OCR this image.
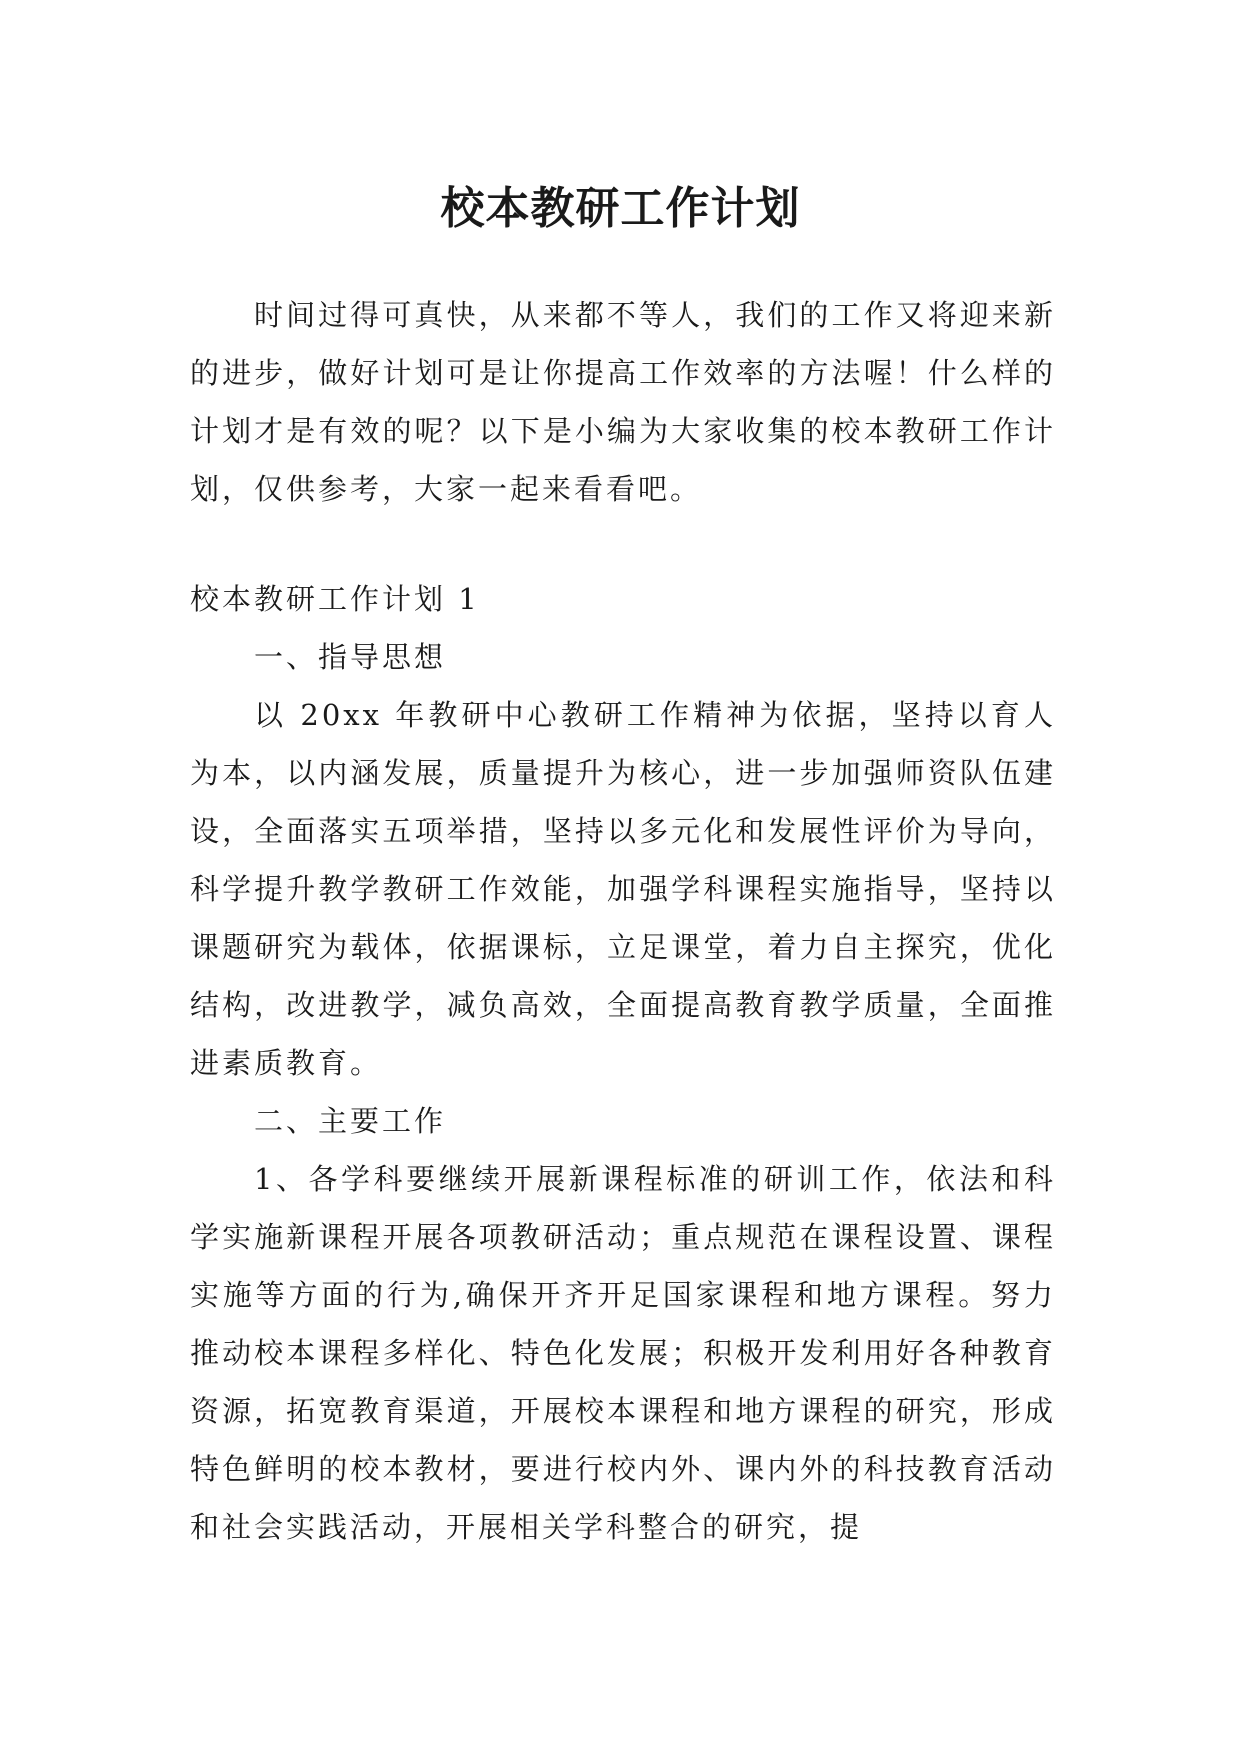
校本教研工作计划

时间过得可真快，从来都不等人，我们的工作又将迎来新的进步，做好计划可是让你提高工作效率的方法喔！什么样的计划才是有效的呢？以下是小编为大家收集的校本教研工作计划，仅供参考，大家一起来看看吧。

校本教研工作计划 1

一、指导思想

以 20xx 年教研中心教研工作精神为依据，坚持以育人为本，以内涵发展，质量提升为核心，进一步加强师资队伍建设，全面落实五项举措，坚持以多元化和发展性评价为导向，科学提升教学教研工作效能，加强学科课程实施指导，坚持以课题研究为载体，依据课标，立足课堂，着力自主探究，优化结构，改进教学，减负高效，全面提高教育教学质量，全面推进素质教育。

二、主要工作

1、各学科要继续开展新课程标准的研训工作，依法和科学实施新课程开展各项教研活动；重点规范在课程设置、课程实施等方面的行为,确保开齐开足国家课程和地方课程。努力推动校本课程多样化、特色化发展；积极开发利用好各种教育资源，拓宽教育渠道，开展校本课程和地方课程的研究，形成特色鲜明的校本教材，要进行校内外、课内外的科技教育活动和社会实践活动，开展相关学科整合的研究，提
